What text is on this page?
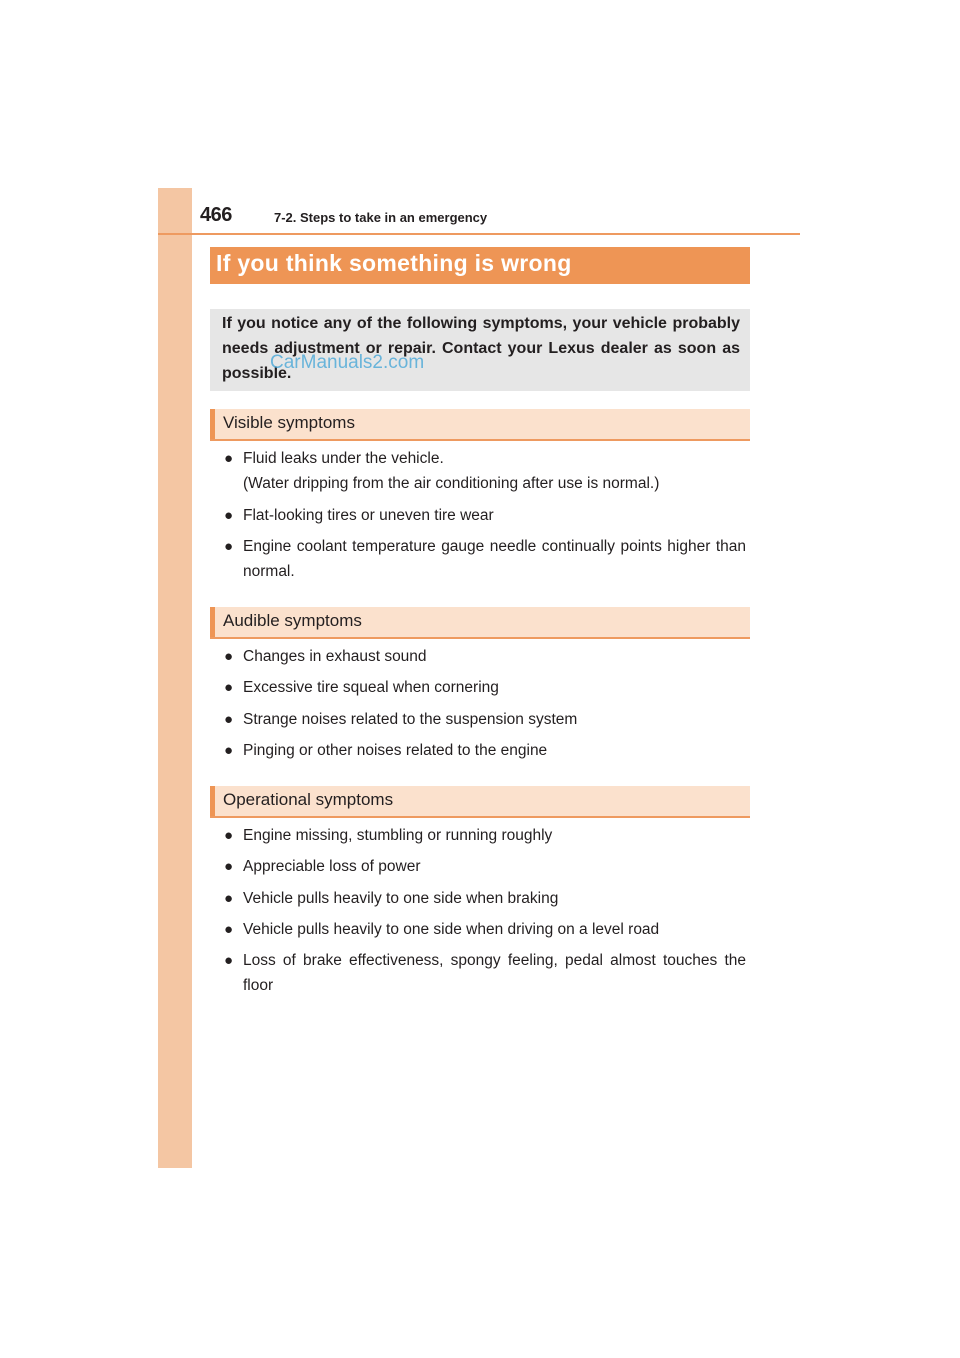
466	7-2. Steps to take in an emergency
If you think something is wrong
If you notice any of the following symptoms, your vehicle probably needs adjustment or repair. Contact your Lexus dealer as soon as possible.
CarManuals2.com
Visible symptoms
● Fluid leaks under the vehicle.
(Water dripping from the air conditioning after use is normal.)
● Flat-looking tires or uneven tire wear
● Engine coolant temperature gauge needle continually points higher than normal.
Audible symptoms
● Changes in exhaust sound
● Excessive tire squeal when cornering
● Strange noises related to the suspension system
● Pinging or other noises related to the engine
Operational symptoms
● Engine missing, stumbling or running roughly
● Appreciable loss of power
● Vehicle pulls heavily to one side when braking
● Vehicle pulls heavily to one side when driving on a level road
● Loss of brake effectiveness, spongy feeling, pedal almost touches the floor
